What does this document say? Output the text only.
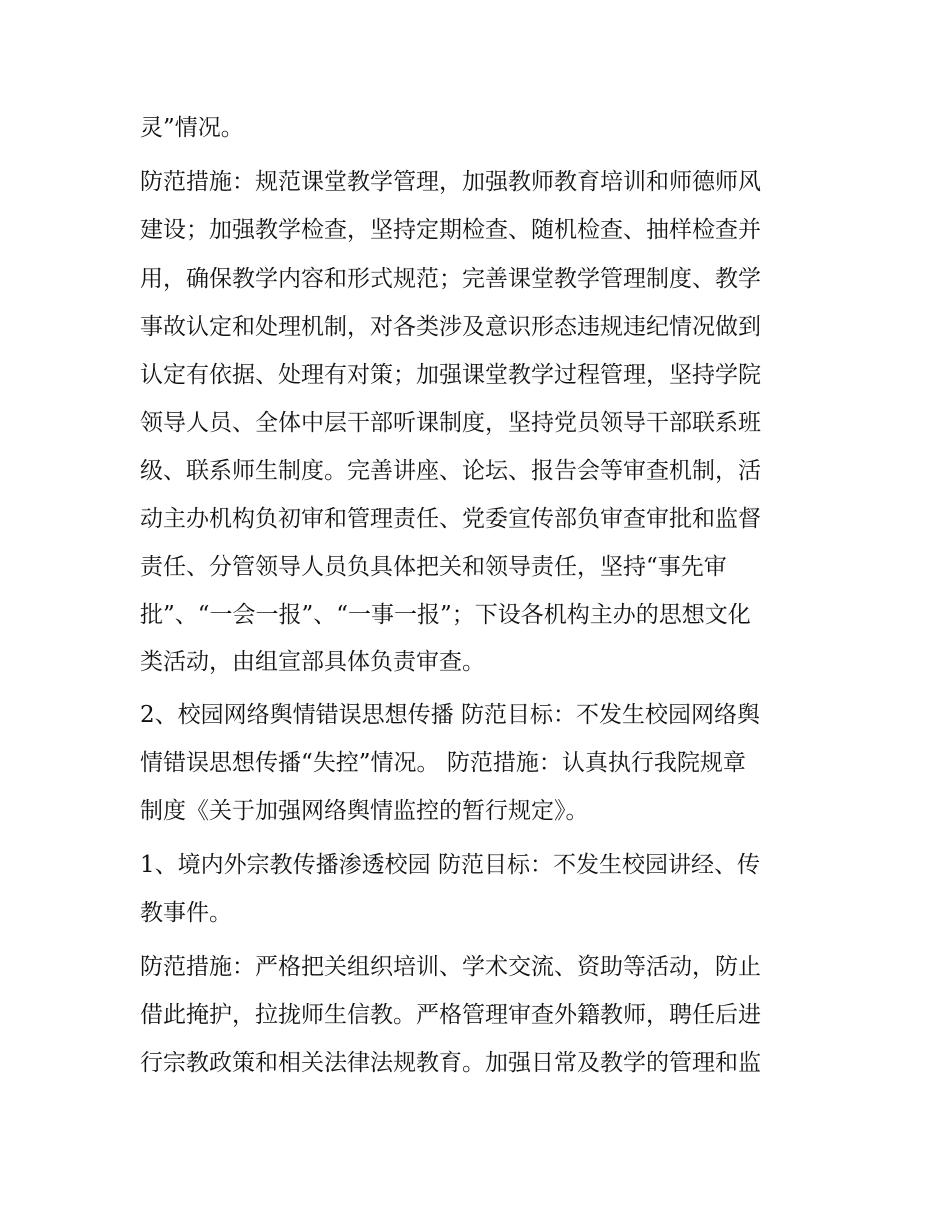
灵”情况。
防范措施：规范课堂教学管理，加强教师教育培训和师德师风
建设；加强教学检查，坚持定期检查、随机检查、抽样检查并
用，确保教学内容和形式规范；完善课堂教学管理制度、教学
事故认定和处理机制，对各类涉及意识形态违规违纪情况做到
认定有依据、处理有对策；加强课堂教学过程管理，坚持学院
领导人员、全体中层干部听课制度，坚持党员领导干部联系班
级、联系师生制度。完善讲座、论坛、报告会等审查机制，活
动主办机构负初审和管理责任、党委宣传部负审查审批和监督
责任、分管领导人员负具体把关和领导责任，坚持“事先审
批”、“一会一报”、“一事一报”；下设各机构主办的思想文化
类活动，由组宣部具体负责审查。
2、校园网络舆情错误思想传播 防范目标：不发生校园网络舆
情错误思想传播“失控”情况。 防范措施：认真执行我院规章
制度《关于加强网络舆情监控的暂行规定》。
1、境内外宗教传播渗透校园 防范目标：不发生校园讲经、传
教事件。
防范措施：严格把关组织培训、学术交流、资助等活动，防止
借此掩护，拉拢师生信教。严格管理审查外籍教师，聘任后进
行宗教政策和相关法律法规教育。加强日常及教学的管理和监
